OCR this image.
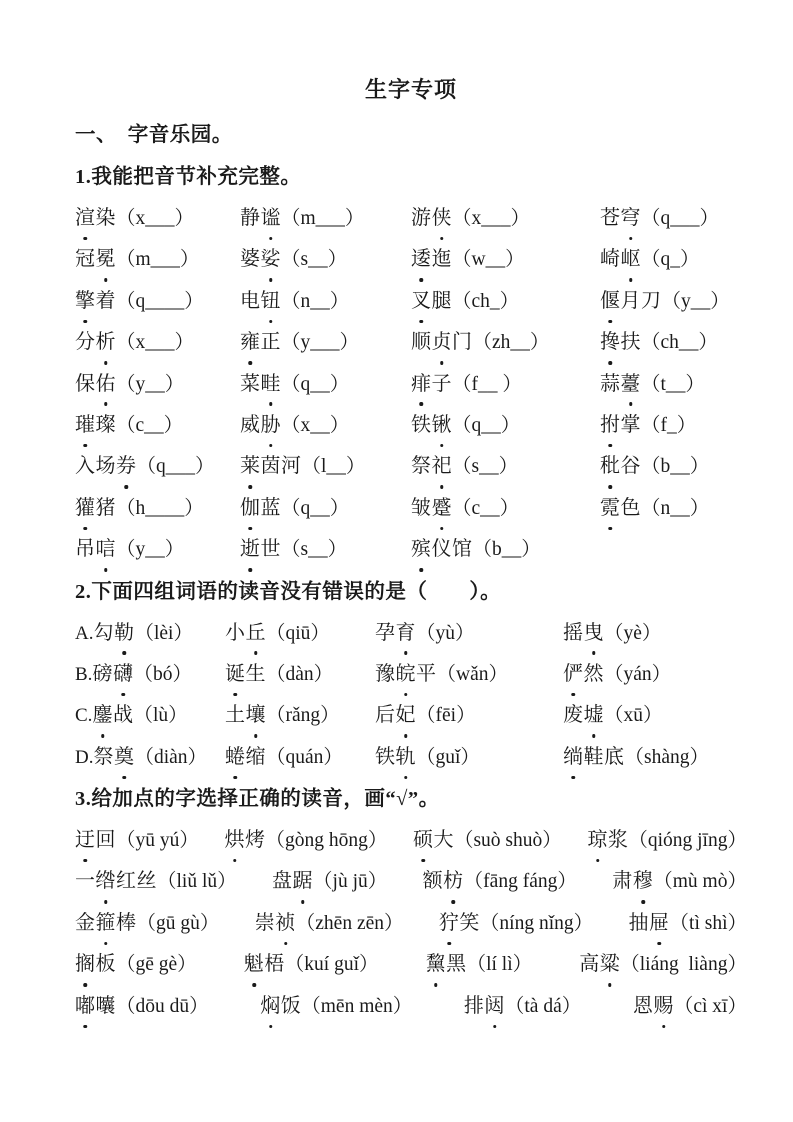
生字专项
一、　字音乐园。
1.我能把音节补充完整。
渲染（x___）	静谧（m___）	游侠（x___）	苍穹（q___）
冠冕（m___）	婆娑（s__）	逶迤（w__）	崎岖（q_）
擎着（q____）	电钮（n__）	叉腿（ch_）	偃月刀（y__）
分析（x___）	雍正（y___）	顺贞门（zh__）	搀扶（ch__）
保佑（y__）	菜畦（q__）	痱子（f__ ）	蒜薹（t__）
璀璨（c__）	威胁（x__）	铁锹（q__）	拊掌（f_）
入场券（q___）	莱茵河（l__）	祭祀（s__）	秕谷（b__）
獾猪（h____）	伽蓝（q__）	皱蹙（c__）	霓色（n__）
吊唁（y__）	逝世（s__）	殡仪馆（b__）
2.下面四组词语的读音没有错误的是（　　）。
A.勾勒（lèi）	小丘（qiū）	孕育（yù）	摇曳（yè）
B.磅礴（bó）	诞生（dàn）	豫皖平（wǎn）	俨然（yán）
C.鏖战（lù）	土壤（rǎng）	后妃（fēi）	废墟（xū）
D.祭奠（diàn） 蜷缩（quán）	铁轨（guǐ）	绱鞋底（shàng）
3.给加点的字选择正确的读音，画“√”。
迂回（yū yú） 烘烤（gòng hōng） 硕大（suò shuò） 琼浆（qióng jīng）
一绺红丝（liǔ lǔ） 盘踞（jù jū） 额枋（fāng fáng） 肃穆（mù mò）
金箍棒（gū gù） 崇祯（zhēn zēn） 狞笑（níng nǐng） 抽屉（tì shì）
搁板（gē gè） 魁梧（kuí guǐ） 黧黑（lí lì） 高粱（liáng  liàng）
嘟囔（dōu dū）	焖饭（mēn mèn）	排闼（tà dá）	恩赐（cì xī）
